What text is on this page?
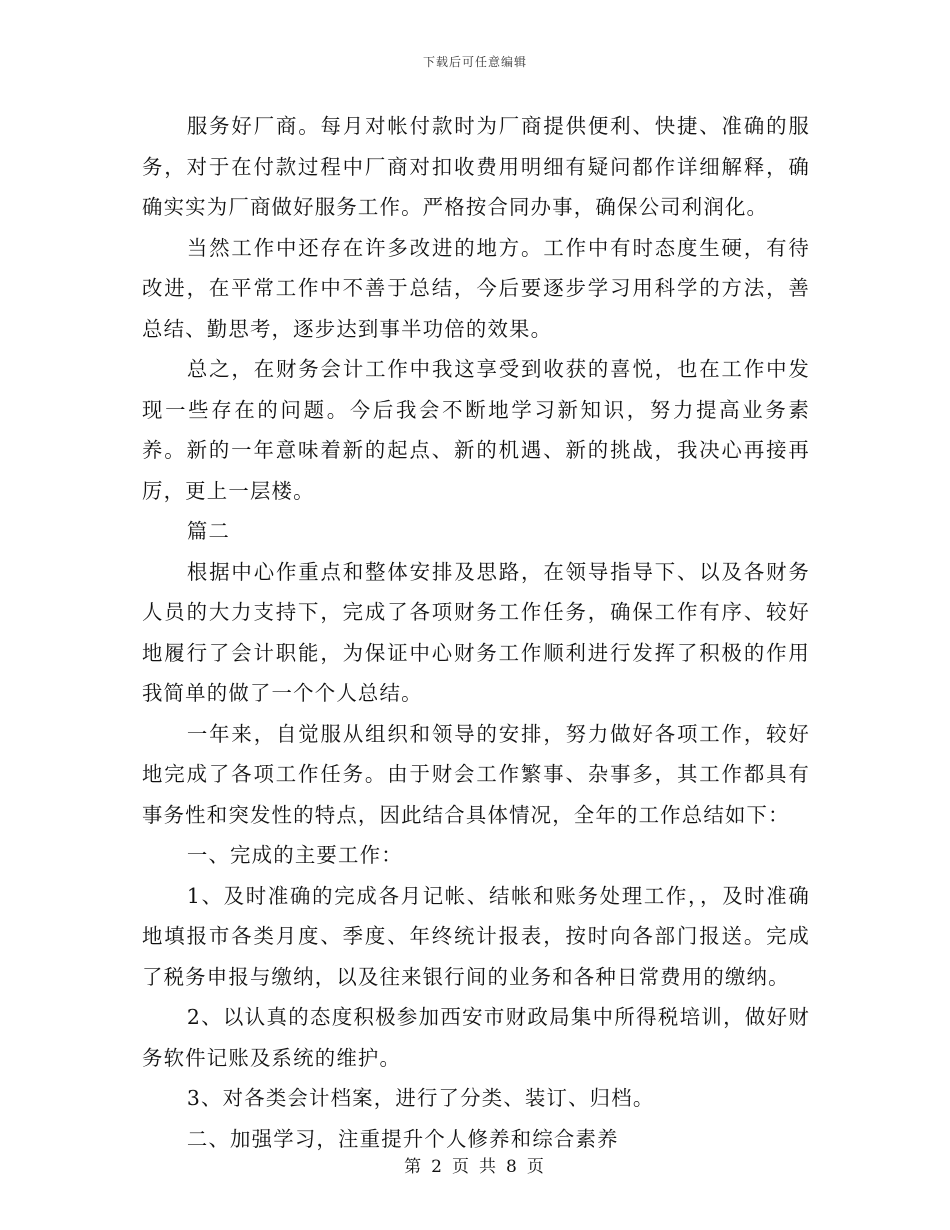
下载后可任意编辑

服务好厂商。每月对帐付款时为厂商提供便利、快捷、准确的服务，对于在付款过程中厂商对扣收费用明细有疑问都作详细解释，确确实实为厂商做好服务工作。严格按合同办事，确保公司利润化。

当然工作中还存在许多改进的地方。工作中有时态度生硬，有待改进，在平常工作中不善于总结，今后要逐步学习用科学的方法，善总结、勤思考，逐步达到事半功倍的效果。

总之，在财务会计工作中我这享受到收获的喜悦，也在工作中发现一些存在的问题。今后我会不断地学习新知识，努力提高业务素养。新的一年意味着新的起点、新的机遇、新的挑战，我决心再接再厉，更上一层楼。

篇二

根据中心作重点和整体安排及思路，在领导指导下、以及各财务人员的大力支持下，完成了各项财务工作任务，确保工作有序、较好地履行了会计职能，为保证中心财务工作顺利进行发挥了积极的作用我简单的做了一个个人总结。

一年来，自觉服从组织和领导的安排，努力做好各项工作，较好地完成了各项工作任务。由于财会工作繁事、杂事多，其工作都具有事务性和突发性的特点，因此结合具体情况，全年的工作总结如下：

一、完成的主要工作：

1、及时准确的完成各月记帐、结帐和账务处理工作，，及时准确地填报市各类月度、季度、年终统计报表，按时向各部门报送。完成了税务申报与缴纳，以及往来银行间的业务和各种日常费用的缴纳。

2、以认真的态度积极参加西安市财政局集中所得税培训，做好财务软件记账及系统的维护。

3、对各类会计档案，进行了分类、装订、归档。

二、加强学习，注重提升个人修养和综合素养

第 2 页 共 8 页
